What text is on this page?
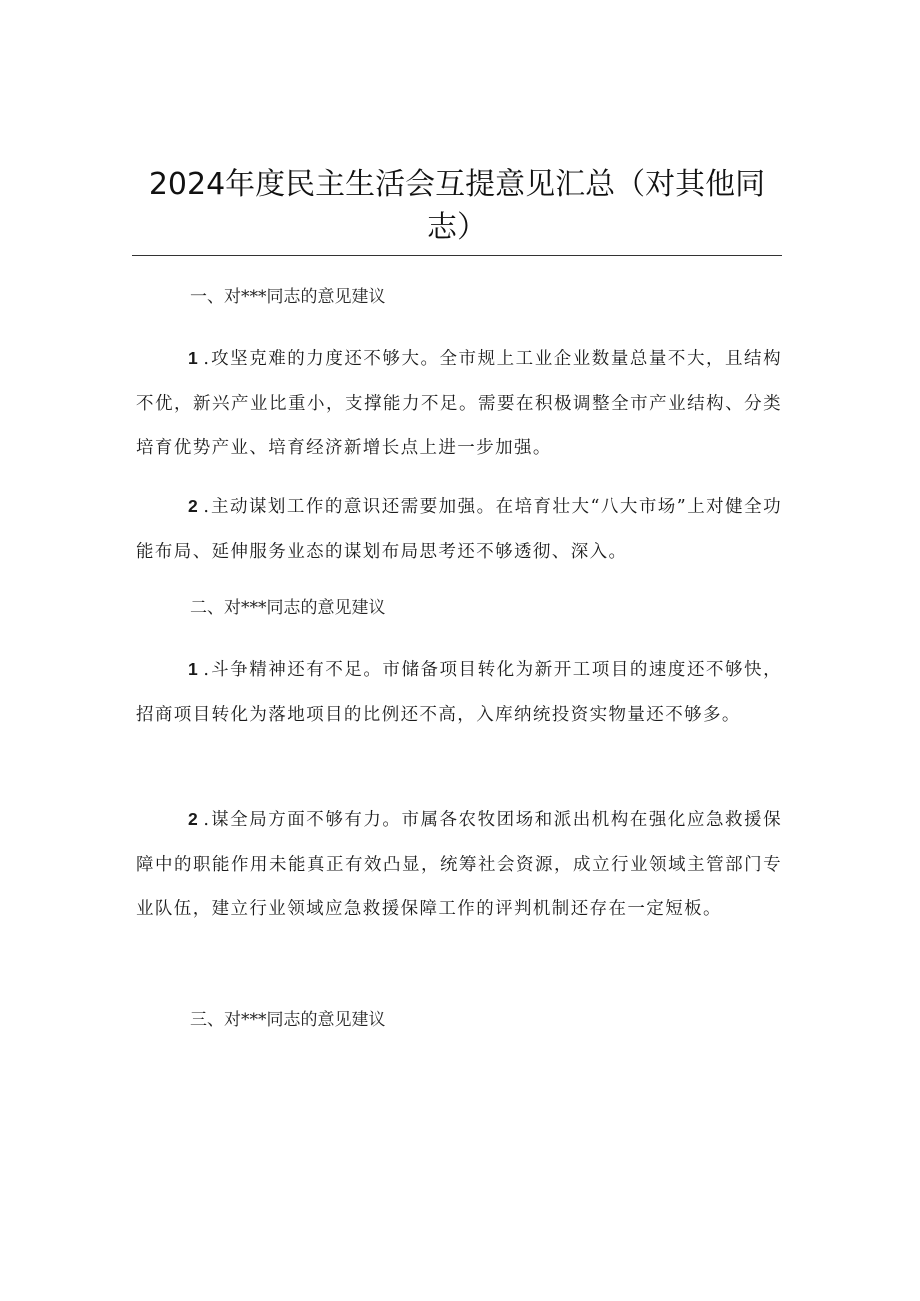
2024年度民主生活会互提意见汇总（对其他同志）
一、对***同志的意见建议

1 . 攻坚克难的力度还不够大。全市规上工业企业数量总量不大，且结构不优，新兴产业比重小，支撑能力不足。需要在积极调整全市产业结构、分类培育优势产业、培育经济新增长点上进一步加强。

2 . 主动谋划工作的意识还需要加强。在培育壮大“八大市场”上对健全功能布局、延伸服务业态的谋划布局思考还不够透彻、深入。

二、对***同志的意见建议

1 . 斗争精神还有不足。市储备项目转化为新开工项目的速度还不够快，招商项目转化为落地项目的比例还不高，入库纳统投资实物量还不够多。

2 . 谋全局方面不够有力。市属各农牧团场和派出机构在强化应急救援保障中的职能作用未能真正有效凸显，统筹社会资源，成立行业领域主管部门专业队伍，建立行业领域应急救援保障工作的评判机制还存在一定短板。

三、对***同志的意见建议
